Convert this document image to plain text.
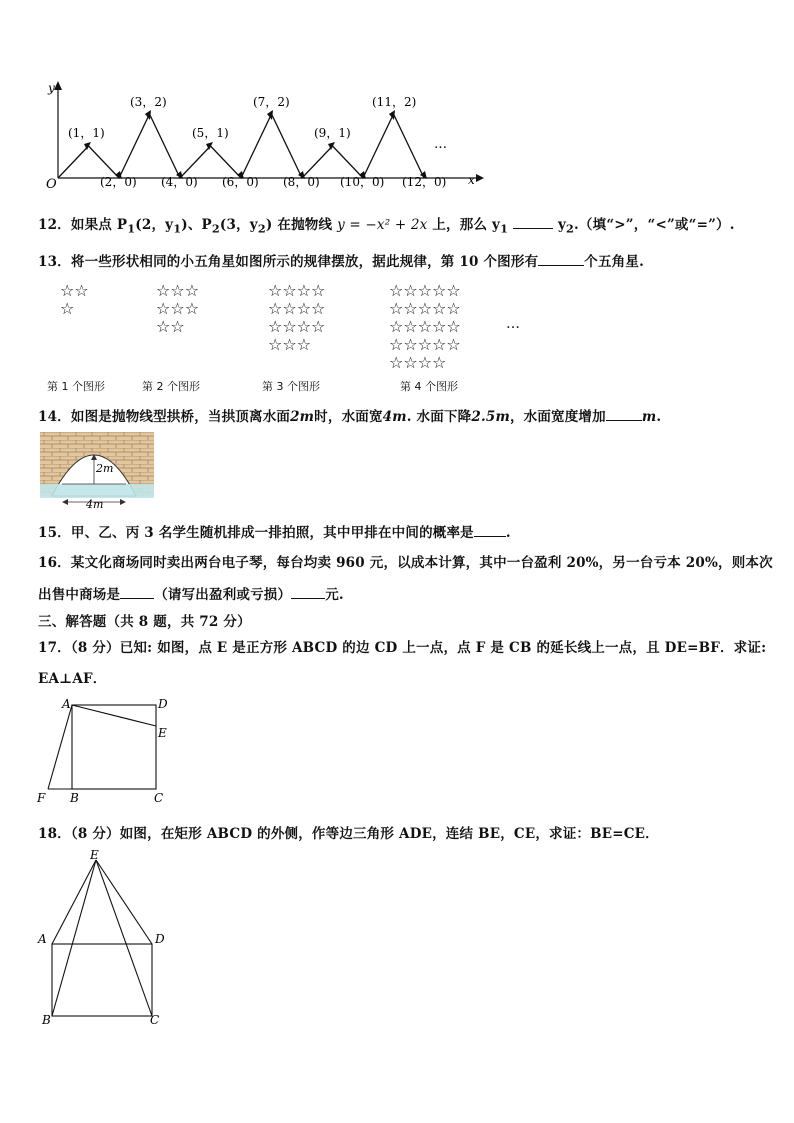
y
x
O
(1，1)
(3，2)
(5，1)
(7，2)
(9，1)
(11，2)
(2，0) (4，0) (6，0) (8，0) (10，0) (12，0)
…
12．如果点 $P_1(2$，$y_1$)、$P_2(3$，$y_2$) 在抛物线 y = −x² + 2x 上，那么 $y_1$	$y_2$.（填“>”，“<”或“=”）.
13．将一些形状相同的小五角星如图所示的规律摆放，据此规律，第 10 个图形有	个五角星.
☆☆
☆
☆☆☆
☆☆☆
☆☆
☆☆☆☆
☆☆☆☆
☆☆☆☆
☆☆☆
☆☆☆☆☆
☆☆☆☆☆
☆☆☆☆☆
☆☆☆☆☆
☆☆☆☆
…
第 1 个图形	第 2 个图形	第 3 个图形	第 4 个图形
14．如图是抛物线型拱桥，当拱顶离水面2m时，水面宽4m. 水面下降2.5m，水面宽度增加	m.
2m
4m
15．甲、乙、丙 3 名学生随机排成一排拍照，其中甲排在中间的概率是 .
16．某文化商场同时卖出两台电子琴，每台均卖 960 元，以成本计算，其中一台盈利 20%，另一台亏本 20%，则本次
出售中商场是	（请写出盈利或亏损）	元.
三、解答题（共 8 题，共 72 分）
17．（8 分）已知: 如图，点 E 是正方形 ABCD 的边 CD 上一点，点 F 是 CB 的延长线上一点，且 DE=BF．求证:
EA⊥AF．
A	D
E
F B	C
18．（8 分）如图，在矩形 ABCD 的外侧，作等边三角形 ADE，连结 BE，CE，求证：BE=CE．
E
A	D
B	C
